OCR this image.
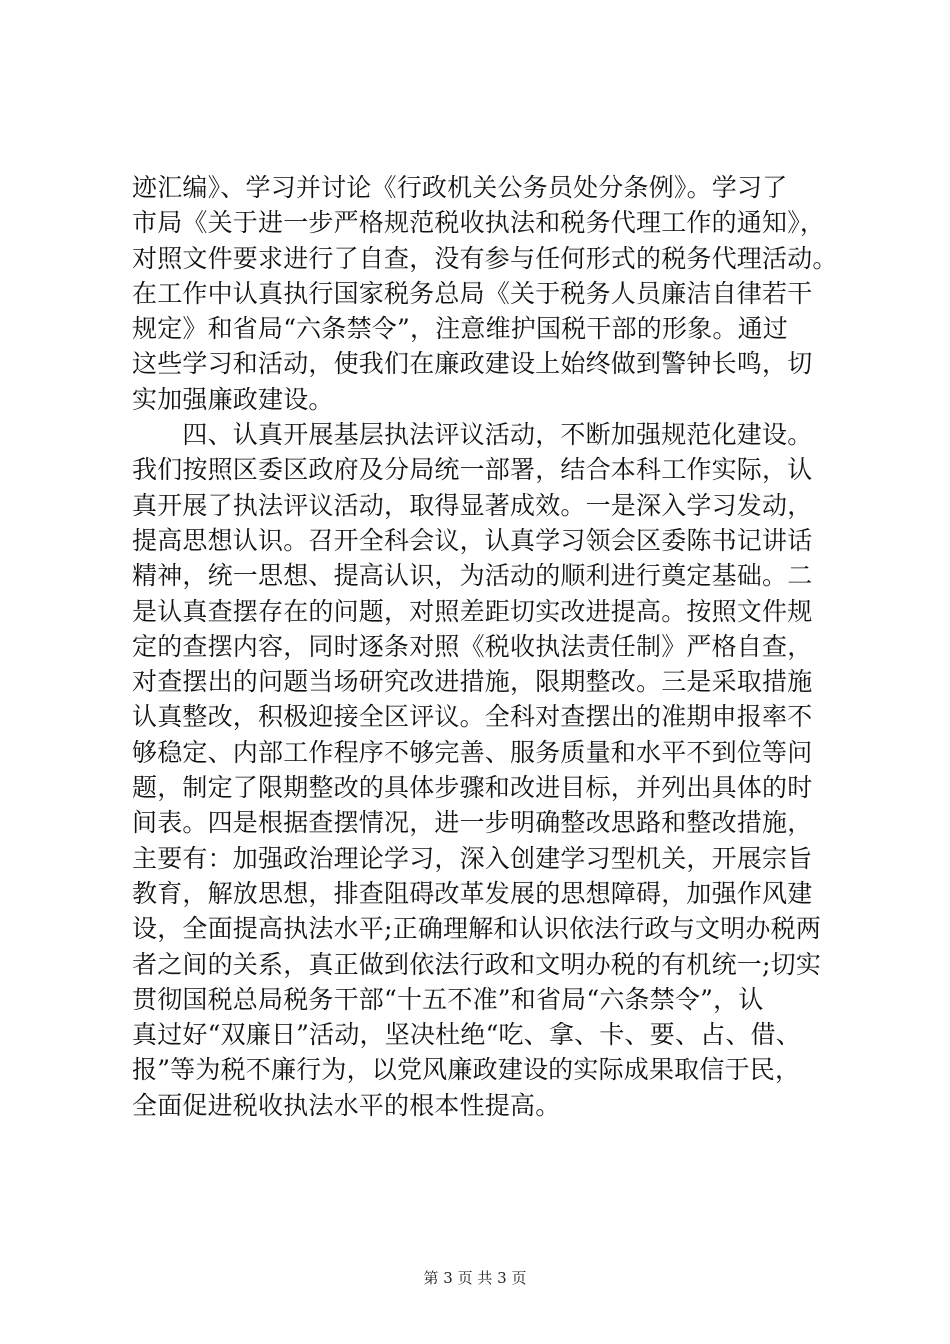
迹汇编》、学习并讨论《行政机关公务员处分条例》。学习了
市局《关于进一步严格规范税收执法和税务代理工作的通知》，
对照文件要求进行了自查，没有参与任何形式的税务代理活动。
在工作中认真执行国家税务总局《关于税务人员廉洁自律若干
规定》和省局“六条禁令”，注意维护国税干部的形象。通过
这些学习和活动，使我们在廉政建设上始终做到警钟长鸣，切
实加强廉政建设。
　　四、认真开展基层执法评议活动，不断加强规范化建设。
我们按照区委区政府及分局统一部署，结合本科工作实际，认
真开展了执法评议活动，取得显著成效。一是深入学习发动，
提高思想认识。召开全科会议，认真学习领会区委陈书记讲话
精神，统一思想、提高认识，为活动的顺利进行奠定基础。二
是认真查摆存在的问题，对照差距切实改进提高。按照文件规
定的查摆内容，同时逐条对照《税收执法责任制》严格自查，
对查摆出的问题当场研究改进措施，限期整改。三是采取措施
认真整改，积极迎接全区评议。全科对查摆出的准期申报率不
够稳定、内部工作程序不够完善、服务质量和水平不到位等问
题，制定了限期整改的具体步骤和改进目标，并列出具体的时
间表。四是根据查摆情况，进一步明确整改思路和整改措施，
主要有：加强政治理论学习，深入创建学习型机关，开展宗旨
教育，解放思想，排查阻碍改革发展的思想障碍，加强作风建
设，全面提高执法水平;正确理解和认识依法行政与文明办税两
者之间的关系，真正做到依法行政和文明办税的有机统一;切实
贯彻国税总局税务干部“十五不准”和省局“六条禁令”，认
真过好“双廉日”活动，坚决杜绝“吃、拿、卡、要、占、借、
报”等为税不廉行为，以党风廉政建设的实际成果取信于民，
全面促进税收执法水平的根本性提高。
第 3 页 共 3 页
